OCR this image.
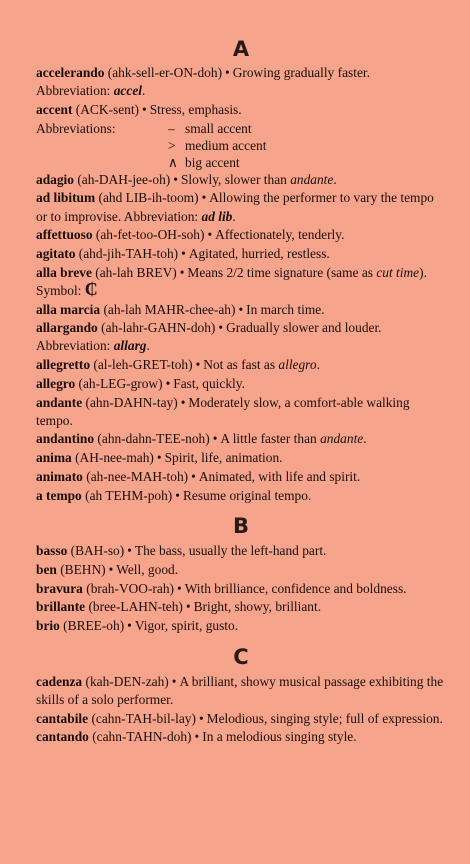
A
accelerando (ahk-sell-er-ON-doh) • Growing gradually faster. Abbreviation: accel.
accent (ACK-sent) • Stress, emphasis.
Abbreviations:	– small accent
> medium accent
∧ big accent
adagio (ah-DAH-jee-oh) • Slowly, slower than andante.
ad libitum (ahd LIB-ih-toom) • Allowing the performer to vary the tempo or to improvise. Abbreviation: ad lib.
affettuoso (ah-fet-too-OH-soh) • Affectionately, tenderly.
agitato (ahd-jih-TAH-toh) • Agitated, hurried, restless.
alla breve (ah-lah BREV) • Means 2/2 time signature (same as cut time). Symbol: ₵
alla marcia (ah-lah MAHR-chee-ah) • In march time.
allargando (ah-lahr-GAHN-doh) • Gradually slower and louder. Abbreviation: allarg.
allegretto (al-leh-GRET-toh) • Not as fast as allegro.
allegro (ah-LEG-grow) • Fast, quickly.
andante (ahn-DAHN-tay) • Moderately slow, a comfort-able walking tempo.
andantino (ahn-dahn-TEE-noh) • A little faster than andante.
anima (AH-nee-mah) • Spirit, life, animation.
animato (ah-nee-MAH-toh) • Animated, with life and spirit.
a tempo (ah TEHM-poh) • Resume original tempo.
B
basso (BAH-so) • The bass, usually the left-hand part.
ben (BEHN) • Well, good.
bravura (brah-VOO-rah) • With brilliance, confidence and boldness.
brillante (bree-LAHN-teh) • Bright, showy, brilliant.
brio (BREE-oh) • Vigor, spirit, gusto.
C
cadenza (kah-DEN-zah) • A brilliant, showy musical passage exhibiting the skills of a solo performer.
cantabile (cahn-TAH-bil-lay) • Melodious, singing style; full of expression.
cantando (cahn-TAHN-doh) • In a melodious singing style.
